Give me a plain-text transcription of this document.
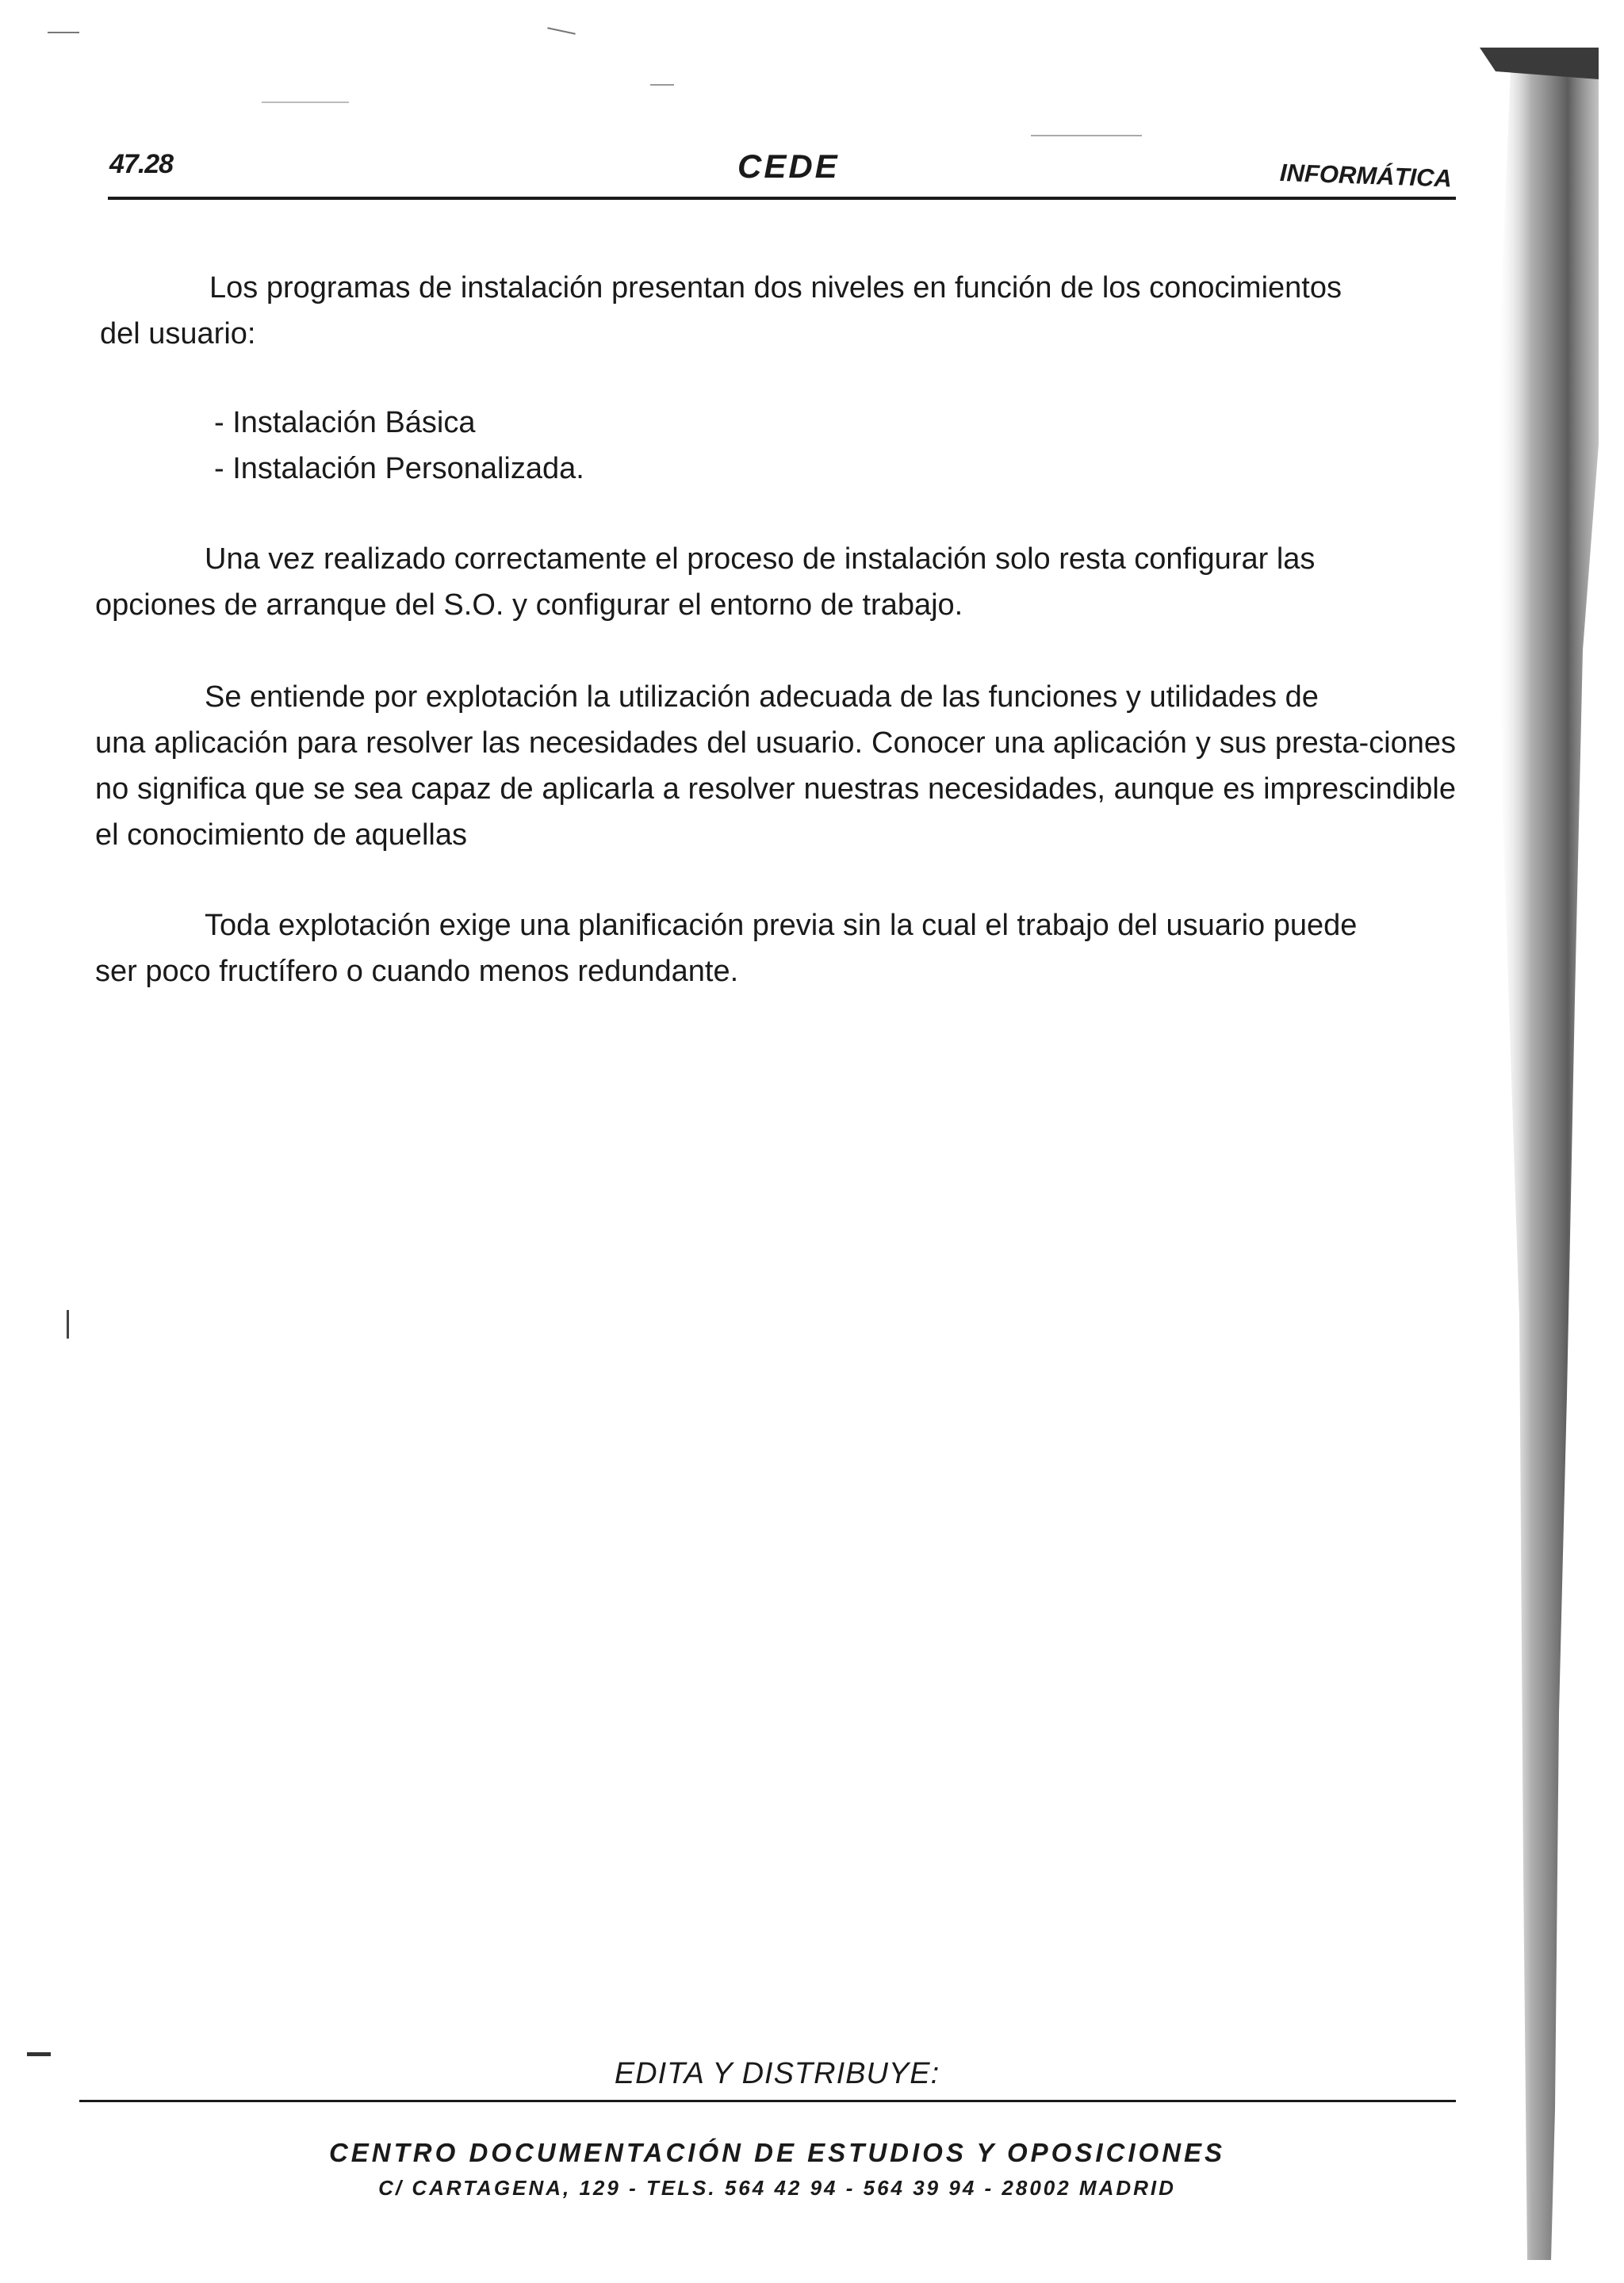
47.28	CEDE	INFORMÁTICA
Los programas de instalación presentan dos niveles en función de los conocimientos
del usuario:
- Instalación Básica
- Instalación Personalizada.
Una vez realizado correctamente el proceso de instalación solo resta configurar las
opciones de arranque del S.O. y configurar el entorno de trabajo.
Se entiende por explotación la utilización adecuada de las funciones y utilidades de
una aplicación para resolver las necesidades del usuario. Conocer una aplicación y sus presta-ciones no significa que se sea capaz de aplicarla a resolver nuestras necesidades, aunque es imprescindible el conocimiento de aquellas
Toda explotación exige una planificación previa sin la cual el trabajo del usuario puede
ser poco fructífero o cuando menos redundante.
EDITA Y DISTRIBUYE:
CENTRO DOCUMENTACIÓN DE ESTUDIOS Y OPOSICIONES
C/ CARTAGENA, 129 - TELS. 564 42 94 - 564 39 94 - 28002 MADRID
